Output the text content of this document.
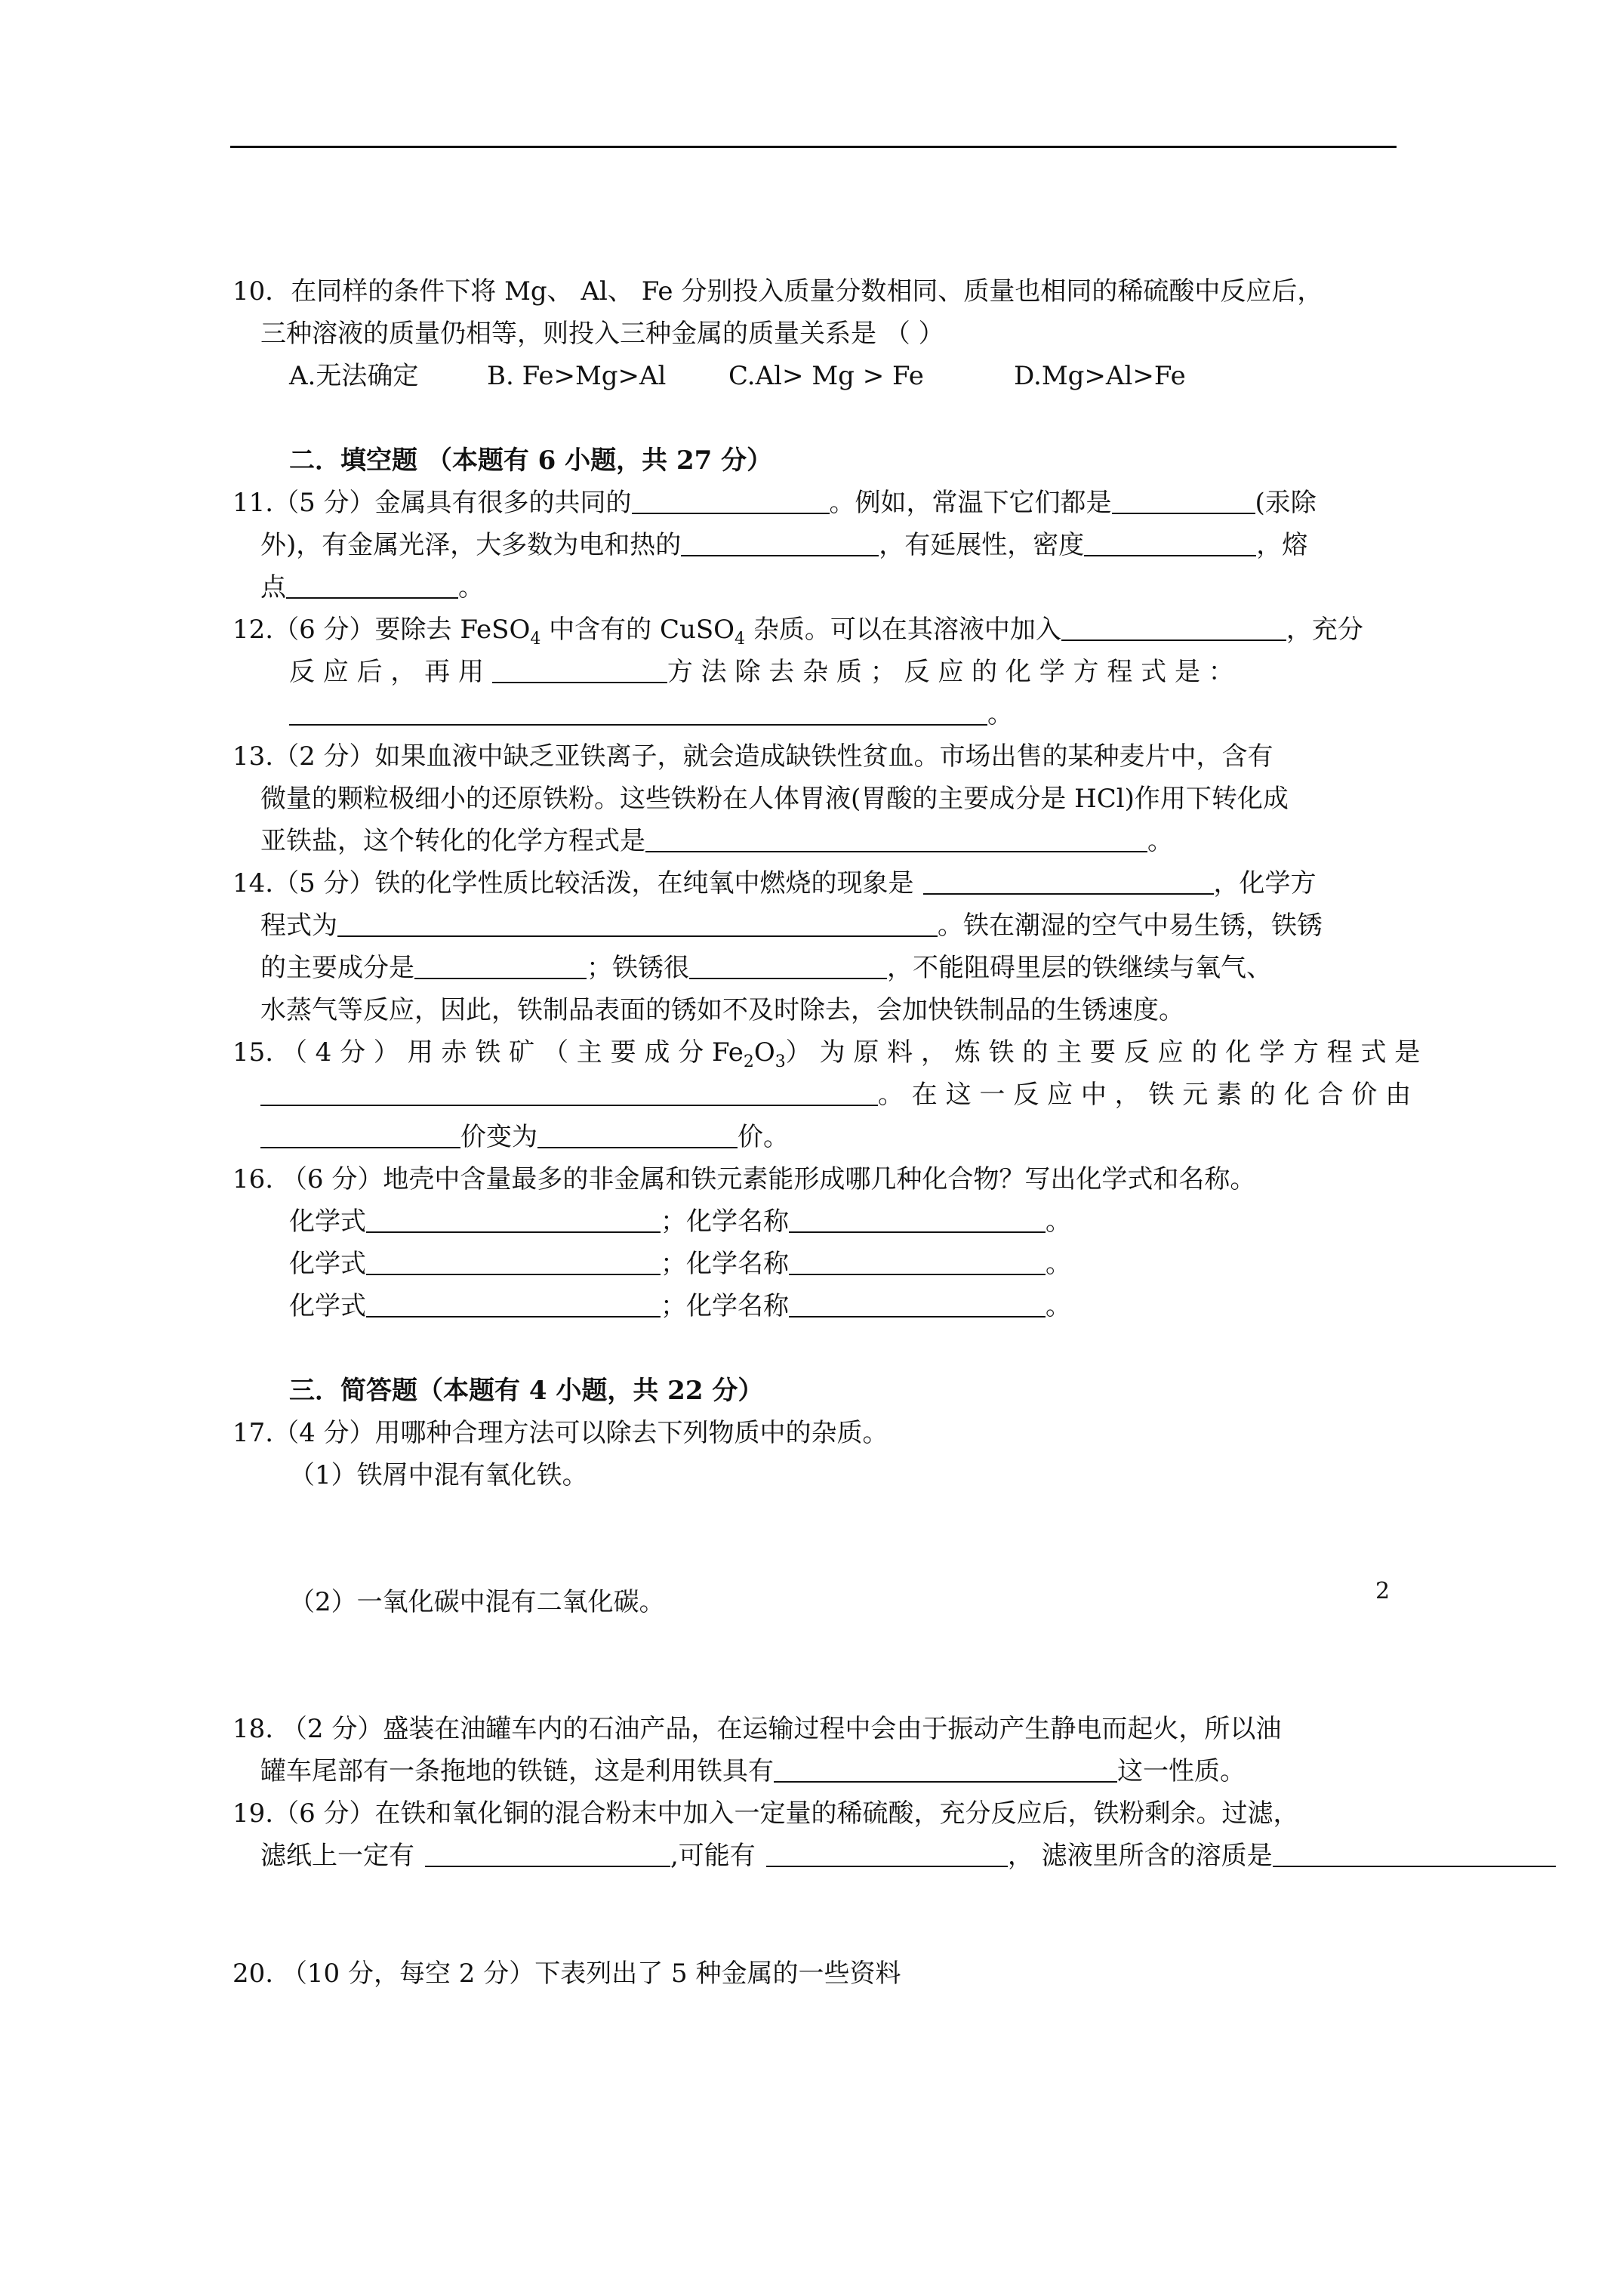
10．在同样的条件下将 Mg、 Al、 Fe 分别投入质量分数相同、质量也相同的稀硫酸中反应后，
三种溶液的质量仍相等，则投入三种金属的质量关系是 （ ）
A.无法确定	B. Fe>Mg>Al C.Al> Mg > Fe	D.Mg>Al>Fe
二．填空题 （本题有 6 小题，共 27 分）
11.（5 分）金属具有很多的共同的	。例如，常温下它们都是	(汞除
外)，有金属光泽，大多数为电和热的	，有延展性，密度	，熔
点	。
12.（6 分）要除去 FeSO$_4$ 中含有的 CuSO$_4$ 杂质。可以在其溶液中加入	，充分
反 应 后 ， 再 用	方 法 除 去 杂 质 ； 反 应 的 化 学 方 程 式 是 ：
。
13.（2 分）如果血液中缺乏亚铁离子，就会造成缺铁性贫血。市场出售的某种麦片中，含有
微量的颗粒极细小的还原铁粉。这些铁粉在人体胃液(胃酸的主要成分是 HCl)作用下转化成
亚铁盐，这个转化的化学方程式是	。
14.（5 分）铁的化学性质比较活泼，在纯氧中燃烧的现象是	，化学方
程式为	。铁在潮湿的空气中易生锈，铁锈
的主要成分是	；铁锈很	，不能阻碍里层的铁继续与氧气、
水蒸气等反应，因此，铁制品表面的锈如不及时除去，会加快铁制品的生锈速度。
15. （ 4 分 ） 用 赤 铁 矿 （ 主 要 成 分 $Fe_2O_3$） 为 原 料 ， 炼 铁 的 主 要 反 应 的 化 学 方 程 式 是
。 在 这 一 反 应 中 ， 铁 元 素 的 化 合 价 由
价变为	价。
16. （6 分）地壳中含量最多的非金属和铁元素能形成哪几种化合物？写出化学式和名称。
化学式	；化学名称	。
化学式	；化学名称	。
化学式	；化学名称	。
三．简答题（本题有 4 小题，共 22 分）
17.（4 分）用哪种合理方法可以除去下列物质中的杂质。
（1）铁屑中混有氧化铁。
（2）一氧化碳中混有二氧化碳。
18. （2 分）盛装在油罐车内的石油产品，在运输过程中会由于振动产生静电而起火，所以油
罐车尾部有一条拖地的铁链，这是利用铁具有	这一性质。
19.（6 分）在铁和氧化铜的混合粉末中加入一定量的稀硫酸，充分反应后，铁粉剩余。过滤，
滤纸上一定有	,可能有	， 滤液里所含的溶质是
20. （10 分，每空 2 分）下表列出了 5 种金属的一些资料
2
